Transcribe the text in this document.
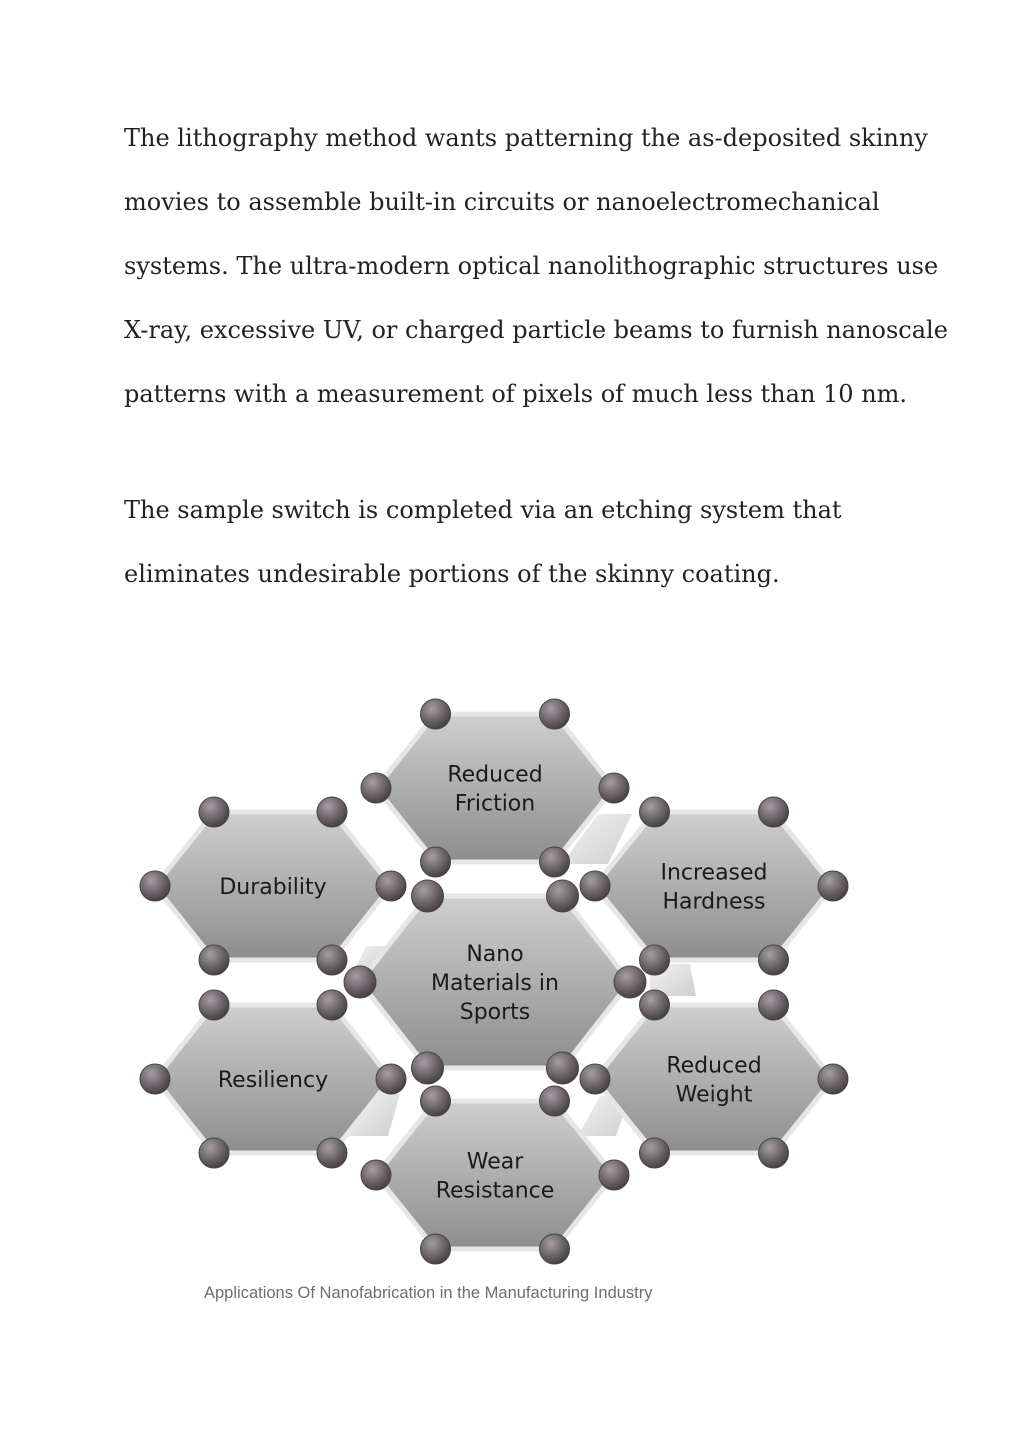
The lithography method wants patterning the as-deposited skinny
movies to assemble built-in circuits or nanoelectromechanical
systems. The ultra-modern optical nanolithographic structures use
X-ray, excessive UV, or charged particle beams to furnish nanoscale
patterns with a measurement of pixels of much less than 10 nm.
The sample switch is completed via an etching system that
eliminates undesirable portions of the skinny coating.
Reduced
Friction
Durability
Increased
Hardness
Resiliency
Reduced
Weight
Wear
Resistance
Nano
Materials in
Sports
Applications Of Nanofabrication in the Manufacturing Industry
